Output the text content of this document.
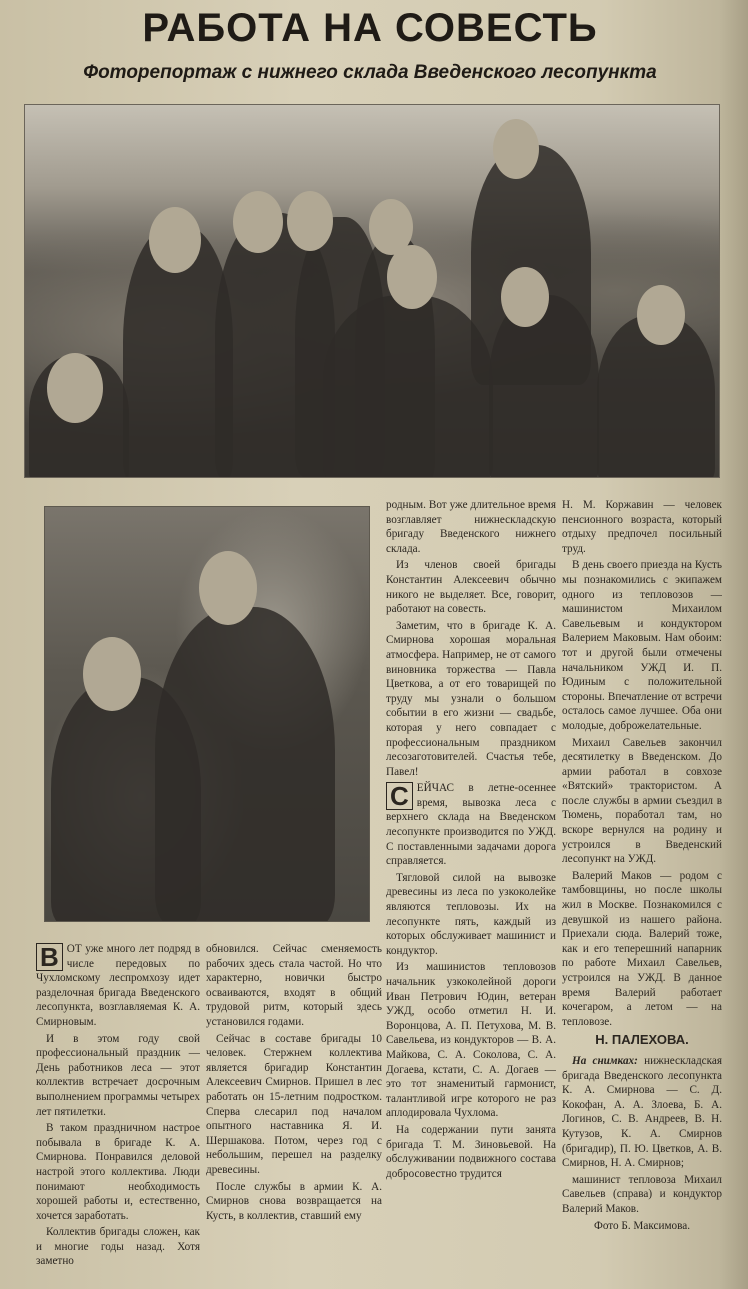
РАБОТА НА СОВЕСТЬ
Фоторепортаж с нижнего склада Введенского лесопункта

В ОТ уже много лет подряд в числе передовых по Чухломскому леспромхозу идет разделочная бригада Введенского лесопункта, возглавляемая К. А. Смирновым.

И в этом году свой профессиональный праздник — День работников леса — этот коллектив встречает досрочным выполнением программы четырех лет пятилетки.

В таком праздничном настрое побывала в бригаде К. А. Смирнова. Понравился деловой настрой этого коллектива. Люди понимают необходимость хорошей работы и, естественно, хочется заработать.

Коллектив бригады сложен, как и многие годы назад. Хотя заметно

обновился. Сейчас сменяемость рабочих здесь стала частой. Но что характерно, новички быстро осваиваются, входят в общий трудовой ритм, который здесь установился годами.

Сейчас в составе бригады 10 человек. Стержнем коллектива является бригадир Константин Алексеевич Смирнов. Пришел в лес работать он 15-летним подростком. Сперва слесарил под началом опытного наставника Я. И. Шершакова. Потом, через год с небольшим, перешел на разделку древесины.

После службы в армии К. А. Смирнов снова возвращается на Кусть, в коллектив, ставший ему

родным. Вот уже длительное время возглавляет нижнескладскую бригаду Введенского нижнего склада.

Из членов своей бригады Константин Алексеевич обычно никого не выделяет. Все, говорит, работают на совесть.

Заметим, что в бригаде К. А. Смирнова хорошая моральная атмосфера. Например, не от самого виновника торжества — Павла Цветкова, а от его товарищей по труду мы узнали о большом событии в его жизни — свадьбе, которая у него совпадает с профессиональным праздником лесозаготовителей. Счастья тебе, Павел!

С ЕЙЧАС в летне-осеннее время, вывозка леса с верхнего склада на Введенском лесопункте производится по УЖД. С поставленными задачами дорога справляется.

Тягловой силой на вывозке древесины из леса по узкоколейке являются тепловозы. Их на лесопункте пять, каждый из которых обслуживает машинист и кондуктор.

Из машинистов тепловозов начальник узкоколейной дороги Иван Петрович Юдин, ветеран УЖД, особо отметил Н. И. Воронцова, А. П. Петухова, М. В. Савельева, из кондукторов — В. А. Майкова, С. А. Соколова, С. А. Догаева, кстати, С. А. Догаев — это тот знаменитый гармонист, талантливой игре которого не раз аплодировала Чухлома.

На содержании пути занята бригада Т. М. Зиновьевой. На обслуживании подвижного состава добросовестно трудится

Н. М. Коржавин — человек пенсионного возраста, который отдыху предпочел посильный труд.

В день своего приезда на Кусть мы познакомились с экипажем одного из тепловозов — машинистом Михаилом Савельевым и кондуктором Валерием Маковым. Нам обоим: тот и другой были отмечены начальником УЖД И. П. Юдиным с положительной стороны. Впечатление от встречи осталось самое лучшее. Оба они молодые, доброжелательные.

Михаил Савельев закончил десятилетку в Введенском. До армии работал в совхозе «Вятский» трактористом. А после службы в армии съездил в Тюмень, поработал там, но вскоре вернулся на родину и устроился в Введенский лесопункт на УЖД.

Валерий Маков — родом с тамбовщины, но после школы жил в Москве. Познакомился с девушкой из нашего района. Приехали сюда. Валерий тоже, как и его теперешний напарник по работе Михаил Савельев, устроился на УЖД. В данное время Валерий работает кочегаром, а летом — на тепловозе.

Н. ПАЛЕХОВА.

На снимках: нижнескладская бригада Введенского лесопункта К. А. Смирнова — С. Д. Кокофан, А. А. Злоева, Б. А. Логинов, С. В. Андреев, В. Н. Кутузов, К. А. Смирнов (бригадир), П. Ю. Цветков, А. В. Смирнов, Н. А. Смирнов;

машинист тепловоза Михаил Савельев (справа) и кондуктор Валерий Маков.

Фото Б. Максимова.
